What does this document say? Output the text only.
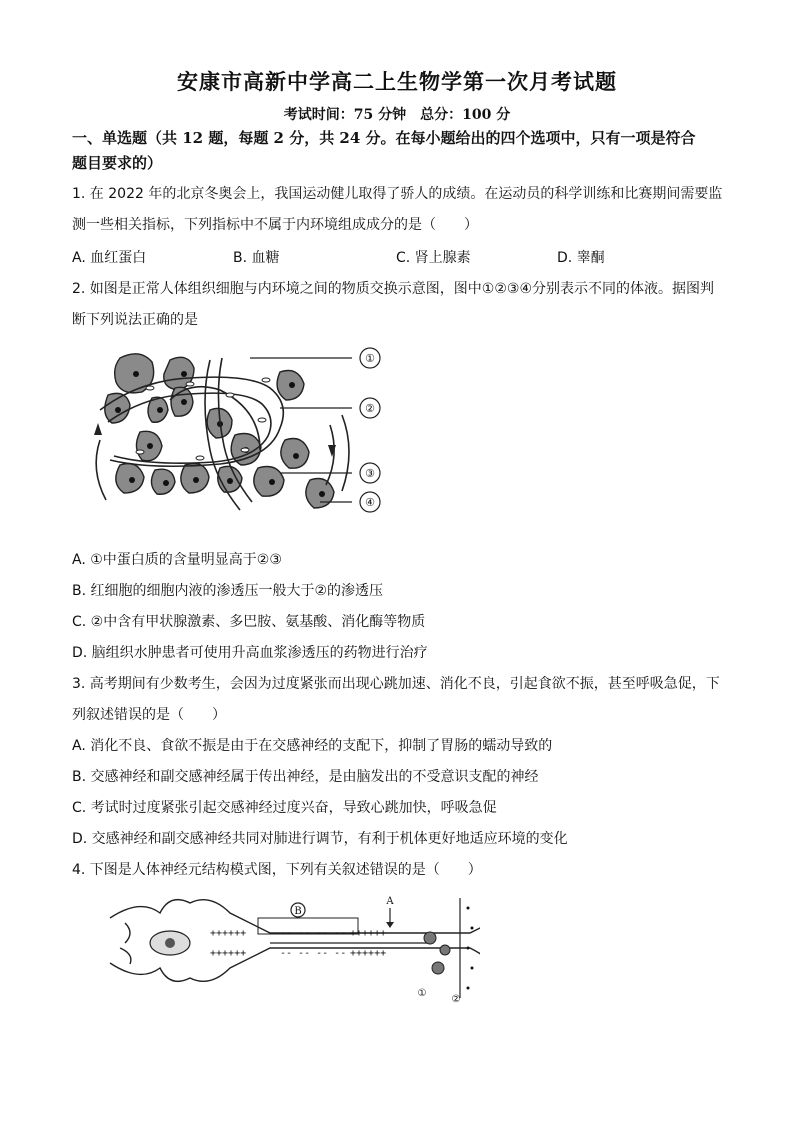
安康市高新中学高二上生物学第一次月考试题
考试时间：75 分钟　总分：100 分
一、单选题（共 12 题，每题 2 分，共 24 分。在每小题给出的四个选项中，只有一项是符合
题目要求的）
1. 在 2022 年的北京冬奥会上，我国运动健儿取得了骄人的成绩。在运动员的科学训练和比赛期间需要监
测一些相关指标，下列指标中不属于内环境组成成分的是（　　）
A. 血红蛋白	B. 血糖	C. 肾上腺素	D. 睾酮
2. 如图是正常人体组织细胞与内环境之间的物质交换示意图，图中①②③④分别表示不同的体液。据图判
断下列说法正确的是
①
②
③
④
A. ①中蛋白质的含量明显高于②③
B. 红细胞的细胞内液的渗透压一般大于②的渗透压
C. ②中含有甲状腺激素、多巴胺、氨基酸、消化酶等物质
D. 脑组织水肿患者可使用升高血浆渗透压的药物进行治疗
3. 高考期间有少数考生，会因为过度紧张而出现心跳加速、消化不良，引起食欲不振，甚至呼吸急促，下
列叙述错误的是（　　）
A. 消化不良、食欲不振是由于在交感神经的支配下，抑制了胃肠的蠕动导致的
B. 交感神经和副交感神经属于传出神经，是由脑发出的不受意识支配的神经
C. 考试时过度紧张引起交感神经过度兴奋，导致心跳加快，呼吸急促
D. 交感神经和副交感神经共同对肺进行调节，有利于机体更好地适应环境的变化
4. 下图是人体神经元结构模式图，下列有关叙述错误的是（　　）
++++++
++++++
-- -- -- --
-- -- -- --
++++++
++++++
B
A
①
②
